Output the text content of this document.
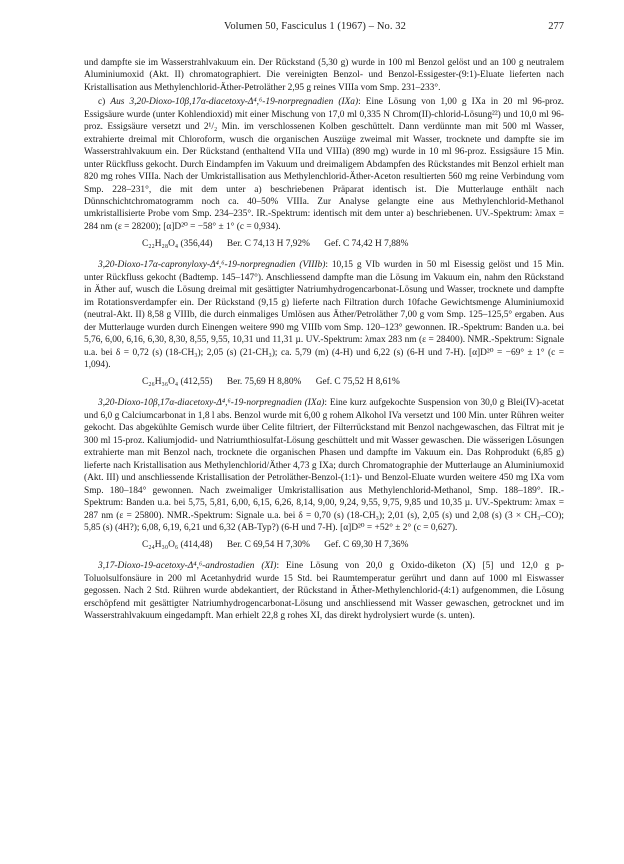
Volumen 50, Fasciculus 1 (1967) – No. 32	277

und dampfte sie im Wasserstrahlvakuum ein. Der Rückstand (5,30 g) wurde in 100 ml Benzol gelöst und an 100 g neutralem Aluminiumoxid (Akt. II) chromatographiert. Die vereinigten Benzol- und Benzol-Essigester-(9:1)-Eluate lieferten nach Kristallisation aus Methylenchlorid-Äther-Petroläther 2,95 g reines VIIIa vom Smp. 231–233°.

c) Aus 3,20-Dioxo-10β,17α-diacetoxy-Δ⁴,⁶-19-norpregnadien (IXa): Eine Lösung von 1,00 g IXa in 20 ml 96-proz. Essigsäure wurde (unter Kohlendioxid) mit einer Mischung von 17,0 ml 0,335 N Chrom(II)-chlorid-Lösung²²) und 10,0 ml 96-proz. Essigsäure versetzt und 2¹/₂ Min. im verschlossenen Kolben geschüttelt. Dann verdünnte man mit 500 ml Wasser, extrahierte dreimal mit Chloroform, wusch die organischen Auszüge zweimal mit Wasser, trocknete und dampfte sie im Wasserstrahlvakuum ein. Der Rückstand (enthaltend VIIa und VIIIa) (890 mg) wurde in 10 ml 96-proz. Essigsäure 15 Min. unter Rückfluss gekocht. Durch Eindampfen im Vakuum und dreimaligem Abdampfen des Rückstandes mit Benzol erhielt man 820 mg rohes VIIIa. Nach der Umkristallisation aus Methylenchlorid-Äther-Aceton resultierten 560 mg reine Verbindung vom Smp. 228–231°, die mit dem unter a) beschriebenen Präparat identisch ist. Die Mutterlauge enthält nach Dünnschichtchromatogramm noch ca. 40–50% VIIIa. Zur Analyse gelangte eine aus Methylenchlorid-Methanol umkristallisierte Probe vom Smp. 234–235°. IR.-Spektrum: identisch mit dem unter a) beschriebenen. UV.-Spektrum: λmax = 284 nm (ε = 28200); [α]D²⁰ = −58° ± 1° (c = 0,934).

C₂₂H₂₈O₄ (356,44) Ber. C 74,13 H 7,92% Gef. C 74,42 H 7,88%

3,20-Dioxo-17α-capronyloxy-Δ⁴,⁶-19-norpregnadien (VIIIb): 10,15 g VIb wurden in 50 ml Eisessig gelöst und 15 Min. unter Rückfluss gekocht (Badtemp. 145–147°). Anschliessend dampfte man die Lösung im Vakuum ein, nahm den Rückstand in Äther auf, wusch die Lösung dreimal mit gesättigter Natriumhydrogencarbonat-Lösung und Wasser, trocknete und dampfte im Rotationsverdampfer ein. Der Rückstand (9,15 g) lieferte nach Filtration durch 10fache Gewichtsmenge Aluminiumoxid (neutral-Akt. II) 8,58 g VIIIb, die durch einmaliges Umlösen aus Äther/Petroläther 7,00 g vom Smp. 125–125,5° ergaben. Aus der Mutterlauge wurden durch Einengen weitere 990 mg VIIIb vom Smp. 120–123° gewonnen. IR.-Spektrum: Banden u.a. bei 5,76, 6,00, 6,16, 6,30, 8,30, 8,55, 9,55, 10,31 und 11,31 µ. UV.-Spektrum: λmax 283 nm (ε = 28400). NMR.-Spektrum: Signale u.a. bei δ = 0,72 (s) (18-CH₃); 2,05 (s) (21-CH₃); ca. 5,79 (m) (4-H) und 6,22 (s) (6-H und 7-H). [α]D²⁰ = −69° ± 1° (c = 1,094).

C₂₆H₃₆O₄ (412,55) Ber. 75,69 H 8,80% Gef. C 75,52 H 8,61%

3,20-Dioxo-10β,17α-diacetoxy-Δ⁴,⁶-19-norpregnadien (IXa): Eine kurz aufgekochte Suspension von 30,0 g Blei(IV)-acetat und 6,0 g Calciumcarbonat in 1,8 l abs. Benzol wurde mit 6,00 g rohem Alkohol IVa versetzt und 100 Min. unter Rühren weiter gekocht. Das abgekühlte Gemisch wurde über Celite filtriert, der Filterrückstand mit Benzol nachgewaschen, das Filtrat mit je 300 ml 15-proz. Kaliumjodid- und Natriumthiosulfat-Lösung geschüttelt und mit Wasser gewaschen. Die wässerigen Lösungen extrahierte man mit Benzol nach, trocknete die organischen Phasen und dampfte im Vakuum ein. Das Rohprodukt (6,85 g) lieferte nach Kristallisation aus Methylenchlorid/Äther 4,73 g IXa; durch Chromatographie der Mutterlauge an Aluminiumoxid (Akt. III) und anschliessende Kristallisation der Petroläther-Benzol-(1:1)- und Benzol-Eluate wurden weitere 450 mg IXa vom Smp. 180–184° gewonnen. Nach zweimaliger Umkristallisation aus Methylenchlorid-Methanol, Smp. 188–189°. IR.-Spektrum: Banden u.a. bei 5,75, 5,81, 6,00, 6,15, 6,26, 8,14, 9,00, 9,24, 9,55, 9,75, 9,85 und 10,35 µ. UV.-Spektrum: λmax = 287 nm (ε = 25800). NMR.-Spektrum: Signale u.a. bei δ = 0,70 (s) (18-CH₃); 2,01 (s), 2,05 (s) und 2,08 (s) (3 × CH₃–CO); 5,85 (s) (4H?); 6,08, 6,19, 6,21 und 6,32 (AB-Typ?) (6-H und 7-H). [α]D²⁰ = +52° ± 2° (c = 0,627).

C₂₄H₃₀O₆ (414,48) Ber. C 69,54 H 7,30% Gef. C 69,30 H 7,36%

3,17-Dioxo-19-acetoxy-Δ⁴,⁶-androstadien (XI): Eine Lösung von 20,0 g Oxido-diketon (X) [5] und 12,0 g p-Toluolsulfonsäure in 200 ml Acetanhydrid wurde 15 Std. bei Raumtemperatur gerührt und dann auf 1000 ml Eiswasser gegossen. Nach 2 Std. Rühren wurde abdekantiert, der Rückstand in Äther-Methylenchlorid-(4:1) aufgenommen, die Lösung erschöpfend mit gesättigter Natriumhydrogencarbonat-Lösung und anschliessend mit Wasser gewaschen, getrocknet und im Wasserstrahlvakuum eingedampft. Man erhielt 22,8 g rohes XI, das direkt hydrolysiert wurde (s. unten).
